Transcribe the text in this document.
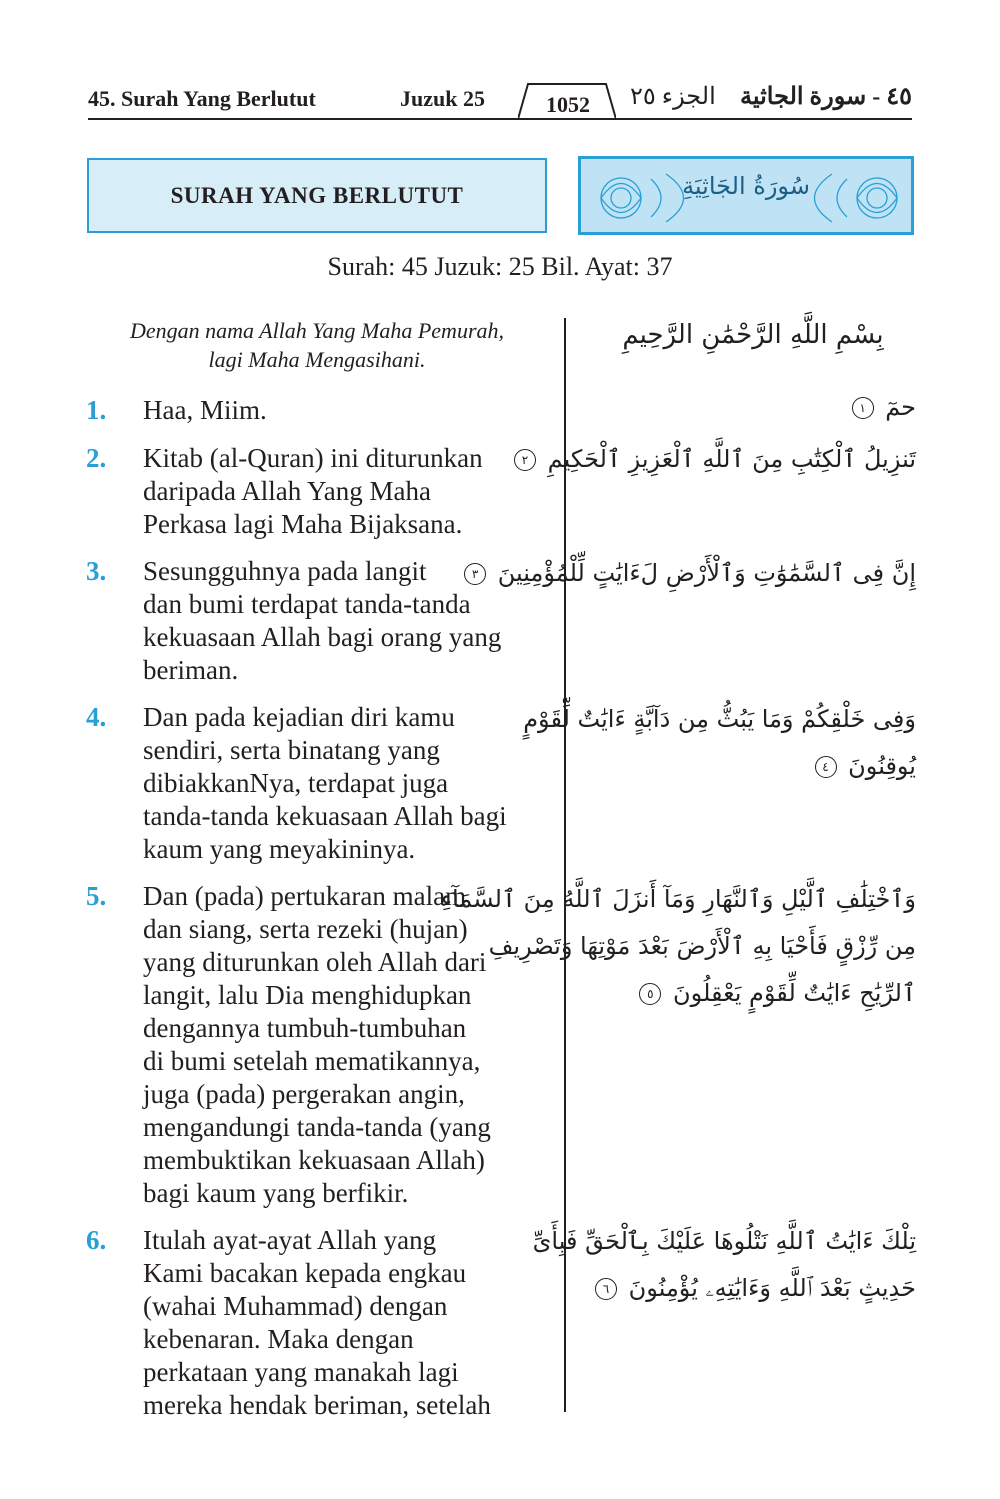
45. Surah Yang Berlutut	Juzuk 25	1052	الجزء ٢٥ ٤٥ - سورة الجاثية
SURAH YANG BERLUTUT	سُورَةُ الجَاثِيَةِ
Surah: 45 Juzuk: 25 Bil. Ayat: 37
Dengan nama Allah Yang Maha Pemurah,
lagi Maha Mengasihani.
بِسْمِ اللَّهِ الرَّحْمَٰنِ الرَّحِيمِ
1.	Haa, Miim.	حمٓ ١
2.	Kitab (al-Quran) ini diturunkan
daripada Allah Yang Maha
Perkasa lagi Maha Bijaksana.
تَنزِيلُ ٱلْكِتَٰبِ مِنَ ٱللَّهِ ٱلْعَزِيزِ ٱلْحَكِيمِ ٢
3.	Sesungguhnya pada langit
dan bumi terdapat tanda-tanda
kekuasaan Allah bagi orang yang
beriman.
إِنَّ فِى ٱلسَّمَٰوَٰتِ وَٱلْأَرْضِ لَءَايَٰتٍ لِّلْمُؤْمِنِينَ ٣
4.	Dan pada kejadian diri kamu
sendiri, serta binatang yang
dibiakkanNya, terdapat juga
tanda-tanda kekuasaan Allah bagi
kaum yang meyakininya.
وَفِى خَلْقِكُمْ وَمَا يَبُثُّ مِن دَآبَّةٍ ءَايَٰتٌ لِّقَوْمٍ
يُوقِنُونَ ٤
5.	Dan (pada) pertukaran malam
dan siang, serta rezeki (hujan)
yang diturunkan oleh Allah dari
langit, lalu Dia menghidupkan
dengannya tumbuh-tumbuhan
di bumi setelah mematikannya,
juga (pada) pergerakan angin,
mengandungi tanda-tanda (yang
membuktikan kekuasaan Allah)
bagi kaum yang berfikir.
وَٱخْتِلَٰفِ ٱلَّيْلِ وَٱلنَّهَارِ وَمَآ أَنزَلَ ٱللَّهُ مِنَ ٱلسَّمَآءِ
مِن رِّزْقٍ فَأَحْيَا بِهِ ٱلْأَرْضَ بَعْدَ مَوْتِهَا وَتَصْرِيفِ
ٱلرِّيَٰحِ ءَايَٰتٌ لِّقَوْمٍ يَعْقِلُونَ ٥
6.	Itulah ayat-ayat Allah yang
Kami bacakan kepada engkau
(wahai Muhammad) dengan
kebenaran. Maka dengan
perkataan yang manakah lagi
mereka hendak beriman, setelah
تِلْكَ ءَايَٰتُ ٱللَّهِ نَتْلُوهَا عَلَيْكَ بِٱلْحَقِّ فَبِأَىِّ
حَدِيثٍ بَعْدَ ٱللَّهِ وَءَايَٰتِهِۦ يُؤْمِنُونَ ٦
